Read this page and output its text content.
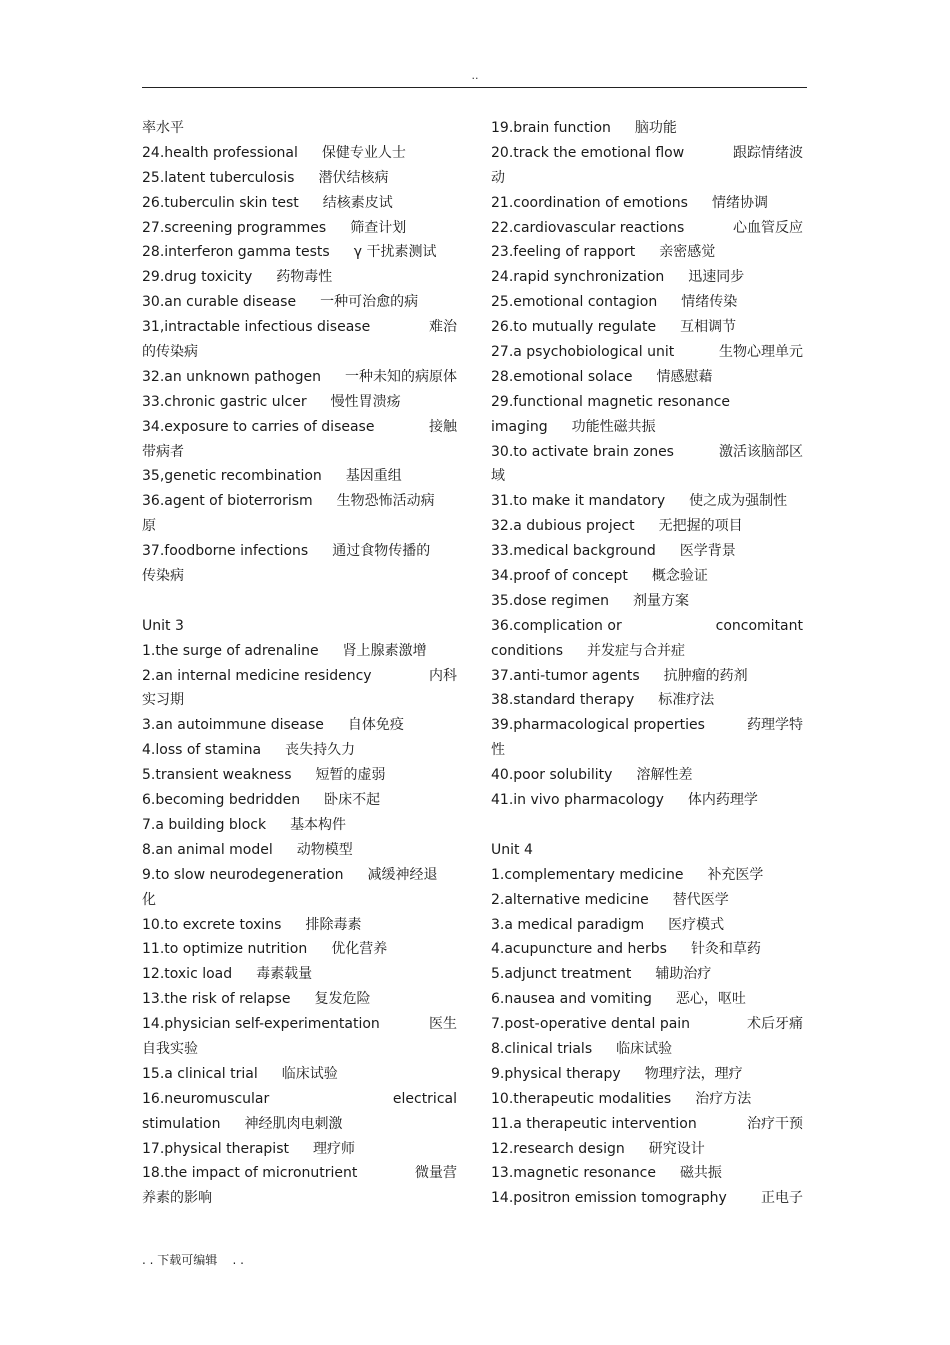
..
率水平
24.health professional 保健专业人士
25.latent tuberculosis 潜伏结核病
26.tuberculin skin test 结核素皮试
27.screening programmes 筛查计划
28.interferon gamma tests γ 干扰素测试
29.drug toxicity 药物毒性
30.an curable disease 一种可治愈的病
31,intractable infectious disease	难治
的传染病
32.an unknown pathogen 一种未知的病原体
33.chronic gastric ulcer 慢性胃溃疡
34.exposure to carries of disease	接触
带病者
35,genetic recombination 基因重组
36.agent of bioterrorism 生物恐怖活动病
原
37.foodborne infections 通过食物传播的
传染病
Unit 3
1.the surge of adrenaline 肾上腺素激增
2.an internal medicine residency	内科
实习期
3.an autoimmune disease 自体免疫
4.loss of stamina 丧失持久力
5.transient weakness 短暂的虚弱
6.becoming bedridden 卧床不起
7.a building block 基本构件
8.an animal model 动物模型
9.to slow neurodegeneration 减缓神经退
化
10.to excrete toxins 排除毒素
11.to optimize nutrition 优化营养
12.toxic load 毒素载量
13.the risk of relapse 复发危险
14.physician self-experimentation	医生
自我实验
15.a clinical trial 临床试验
16.neuromuscular	electrical
stimulation 神经肌肉电刺激
17.physical therapist 理疗师
18.the impact of micronutrient	微量营
养素的影响
19.brain function 脑功能
20.track the emotional flow	跟踪情绪波
动
21.coordination of emotions 情绪协调
22.cardiovascular reactions	心血管反应
23.feeling of rapport 亲密感觉
24.rapid synchronization 迅速同步
25.emotional contagion 情绪传染
26.to mutually regulate 互相调节
27.a psychobiological unit	生物心理单元
28.emotional solace 情感慰藉
29.functional magnetic resonance
imaging 功能性磁共振
30.to activate brain zones	激活该脑部区
域
31.to make it mandatory 使之成为强制性
32.a dubious project 无把握的项目
33.medical background 医学背景
34.proof of concept 概念验证
35.dose regimen 剂量方案
36.complication or	concomitant
conditions 并发症与合并症
37.anti-tumor agents 抗肿瘤的药剂
38.standard therapy 标准疗法
39.pharmacological properties	药理学特
性
40.poor solubility 溶解性差
41.in vivo pharmacology 体内药理学
Unit 4
1.complementary medicine 补充医学
2.alternative medicine 替代医学
3.a medical paradigm 医疗模式
4.acupuncture and herbs 针灸和草药
5.adjunct treatment 辅助治疗
6.nausea and vomiting 恶心，呕吐
7.post-operative dental pain	术后牙痛
8.clinical trials 临床试验
9.physical therapy 物理疗法，理疗
10.therapeutic modalities 治疗方法
11.a therapeutic intervention	治疗干预
12.research design 研究设计
13.magnetic resonance 磁共振
14.positron emission tomography 正电子
. . 下载可编辑    . .
